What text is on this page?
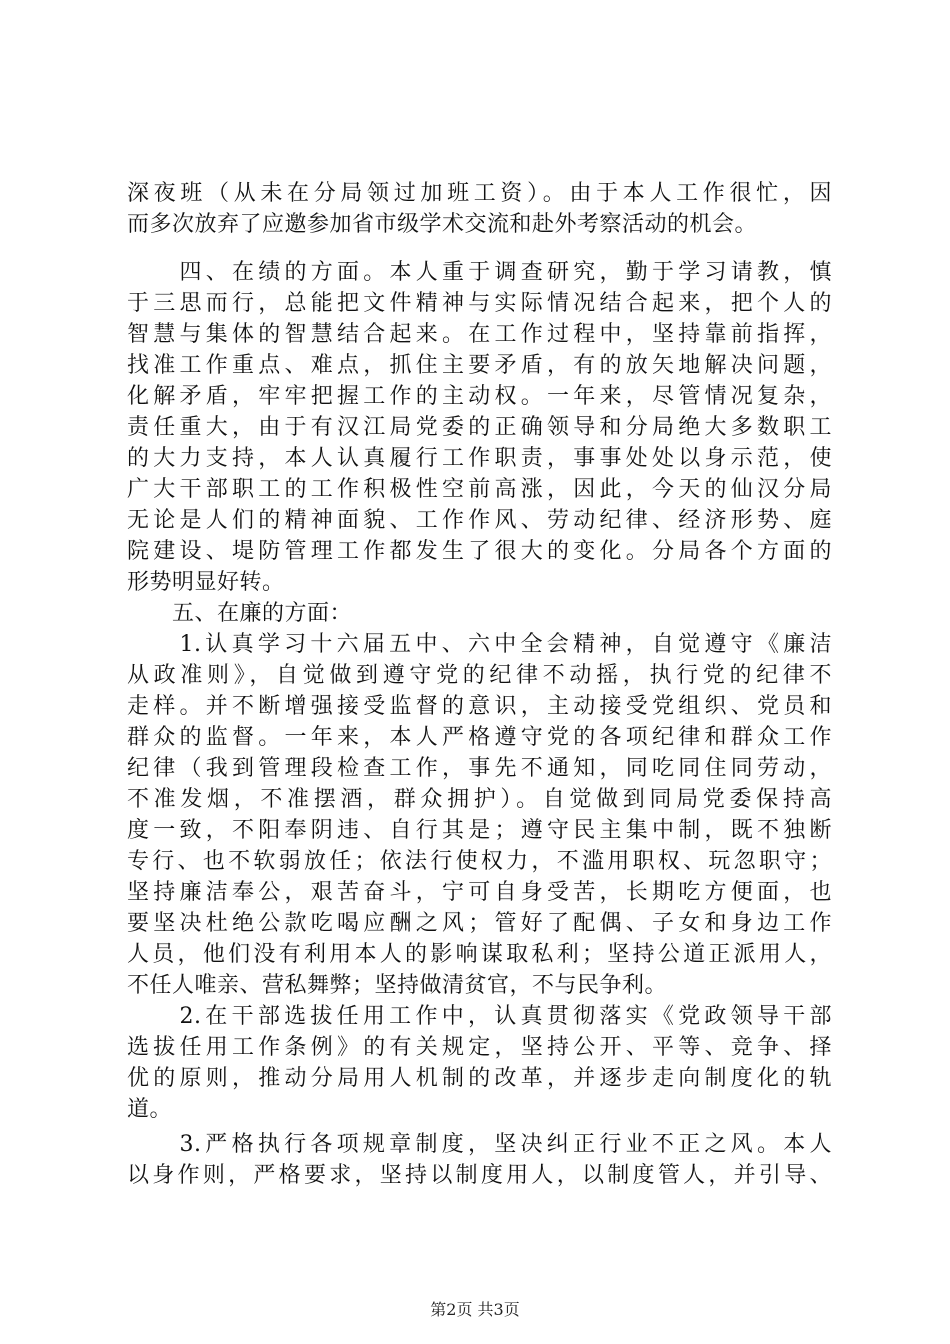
深夜班（从未在分局领过加班工资）。由于本人工作很忙，因
而多次放弃了应邀参加省市级学术交流和赴外考察活动的机会。
　　四、在绩的方面。本人重于调查研究，勤于学习请教，慎
于三思而行，总能把文件精神与实际情况结合起来，把个人的
智慧与集体的智慧结合起来。在工作过程中，坚持靠前指挥，
找准工作重点、难点，抓住主要矛盾，有的放矢地解决问题，
化解矛盾，牢牢把握工作的主动权。一年来，尽管情况复杂，
责任重大，由于有汉江局党委的正确领导和分局绝大多数职工
的大力支持，本人认真履行工作职责，事事处处以身示范，使
广大干部职工的工作积极性空前高涨，因此，今天的仙汉分局
无论是人们的精神面貌、工作作风、劳动纪律、经济形势、庭
院建设、堤防管理工作都发生了很大的变化。分局各个方面的
形势明显好转。
　　五、在廉的方面：
　　1.认真学习十六届五中、六中全会精神，自觉遵守《廉洁
从政准则》，自觉做到遵守党的纪律不动摇，执行党的纪律不
走样。并不断增强接受监督的意识，主动接受党组织、党员和
群众的监督。一年来，本人严格遵守党的各项纪律和群众工作
纪律（我到管理段检查工作，事先不通知，同吃同住同劳动，
不准发烟，不准摆酒，群众拥护）。自觉做到同局党委保持高
度一致，不阳奉阴违、自行其是；遵守民主集中制，既不独断
专行、也不软弱放任；依法行使权力，不滥用职权、玩忽职守；
坚持廉洁奉公，艰苦奋斗，宁可自身受苦，长期吃方便面，也
要坚决杜绝公款吃喝应酬之风；管好了配偶、子女和身边工作
人员，他们没有利用本人的影响谋取私利；坚持公道正派用人，
不任人唯亲、营私舞弊；坚持做清贫官，不与民争利。
　　2.在干部选拔任用工作中，认真贯彻落实《党政领导干部
选拔任用工作条例》的有关规定，坚持公开、平等、竞争、择
优的原则，推动分局用人机制的改革，并逐步走向制度化的轨
道。
　　3.严格执行各项规章制度，坚决纠正行业不正之风。本人
以身作则，严格要求，坚持以制度用人，以制度管人，并引导、
第2页 共3页
